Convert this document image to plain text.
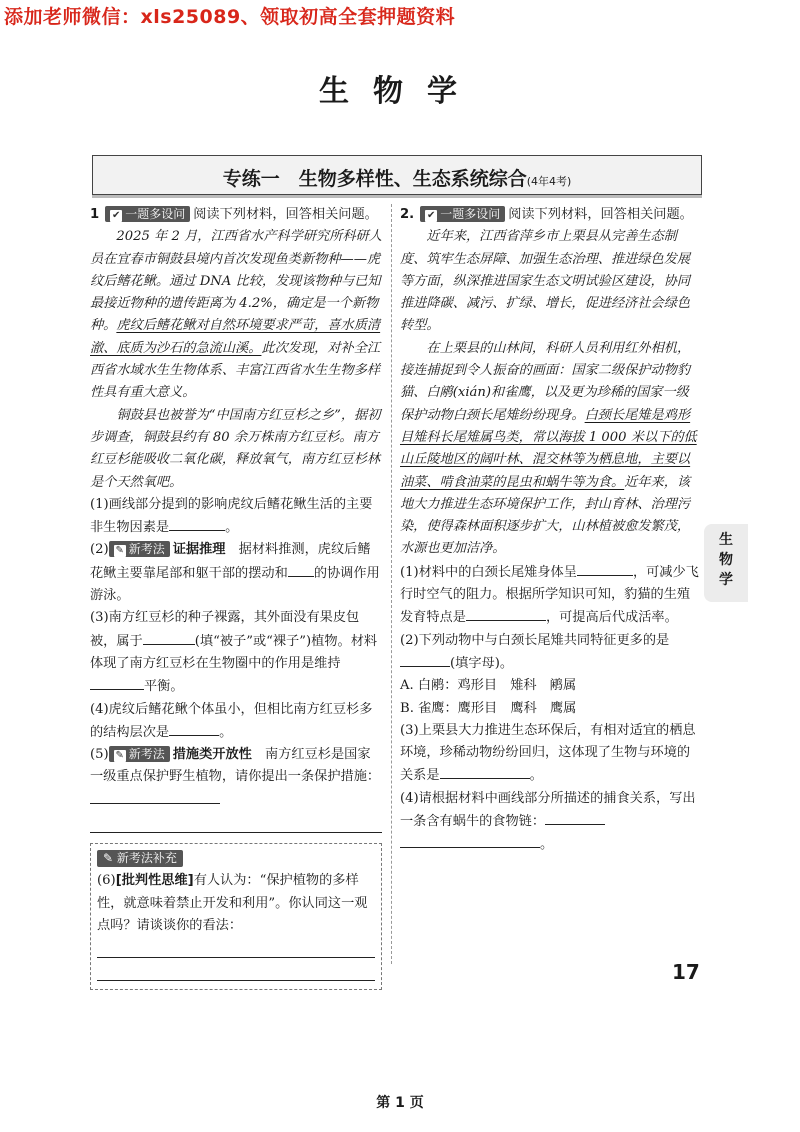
添加老师微信：xls25089、领取初高全套押题资料
生物学
专练一　生物多样性、生态系统综合(4年4考)

1 ✔ 一题多设问 阅读下列材料，回答相关问题。

2025 年 2 月，江西省水产科学研究所科研人员在宜春市铜鼓县境内首次发现鱼类新物种——虎纹后鳍花鳅。通过 DNA 比较，发现该物种与已知最接近物种的遗传距离为 4.2%，确定是一个新物种。虎纹后鳍花鳅对自然环境要求严苛，喜水质清澈、底质为沙石的急流山溪。此次发现，对补全江西省水域水生生物体系、丰富江西省水生生物多样性具有重大意义。

铜鼓县也被誉为“中国南方红豆杉之乡”，据初步调查，铜鼓县约有 80 余万株南方红豆杉。南方红豆杉能吸收二氧化碳，释放氧气，南方红豆杉林是个天然氧吧。

(1)画线部分提到的影响虎纹后鳍花鳅生活的主要非生物因素是	。

(2) ✎ 新考法 证据推理　据材料推测，虎纹后鳍花鳅主要靠尾部和躯干部的摆动和 的协调作用游泳。

(3)南方红豆杉的种子裸露，其外面没有果皮包被，属于	(填“被子”或“裸子”)植物。材料体现了南方红豆杉在生物圈中的作用是维持平衡。

(4)虎纹后鳍花鳅个体虽小，但相比南方红豆杉多的结构层次是	。

(5) ✎ 新考法 措施类开放性　南方红豆杉是国家一级重点保护野生植物，请你提出一条保护措施：

✎ 新考法补充

(6)[批判性思维]有人认为：“保护植物的多样性，就意味着禁止开发和利用”。你认同这一观点吗？请谈谈你的看法：

2. ✔ 一题多设问 阅读下列材料，回答相关问题。

近年来，江西省萍乡市上栗县从完善生态制度、筑牢生态屏障、加强生态治理、推进绿色发展等方面，纵深推进国家生态文明试验区建设，协同推进降碳、减污、扩绿、增长，促进经济社会绿色转型。

在上栗县的山林间，科研人员利用红外相机，接连捕捉到令人振奋的画面：国家二级保护动物豹猫、白鹇(xián)和雀鹰，以及更为珍稀的国家一级保护动物白颈长尾雉纷纷现身。白颈长尾雉是鸡形目雉科长尾雉属鸟类，常以海拔 1 000 米以下的低山丘陵地区的阔叶林、混交林等为栖息地，主要以油菜、啃食油菜的昆虫和蜗牛等为食。近年来，该地大力推进生态环境保护工作，封山育林、治理污染，使得森林面积逐步扩大，山林植被愈发繁茂，水源也更加洁净。

(1)材料中的白颈长尾雉身体呈	，可减少飞行时空气的阻力。根据所学知识可知，豹猫的生殖发育特点是	，可提高后代成活率。

(2)下列动物中与白颈长尾雉共同特征更多的是(填字母)。

A. 白鹇：鸡形目　雉科　鹇属

B. 雀鹰：鹰形目　鹰科　鹰属

(3)上栗县大力推进生态环保后，有相对适宜的栖息环境，珍稀动物纷纷回归，这体现了生物与环境的关系是	。

(4)请根据材料中画线部分所描述的捕食关系，写出一条含有蜗牛的食物链：

。

生物学
17
第 1 页
